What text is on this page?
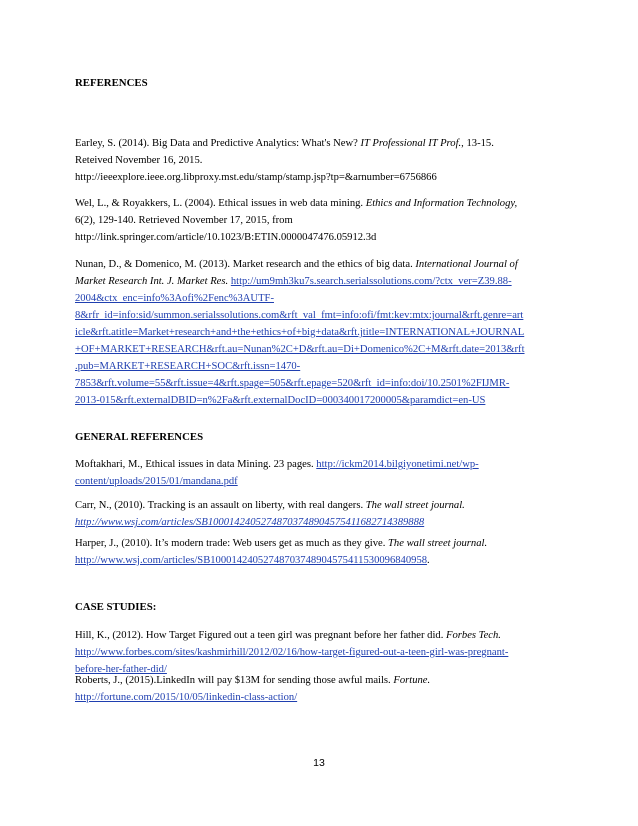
REFERENCES
Earley, S. (2014). Big Data and Predictive Analytics: What's New? IT Professional IT Prof., 13-15.
Reteived November 16, 2015.
http://ieeexplore.ieee.org.libproxy.mst.edu/stamp/stamp.jsp?tp=&arnumber=6756866
Wel, L., & Royakkers, L. (2004). Ethical issues in web data mining. Ethics and Information Technology,
6(2), 129-140. Retrieved November 17, 2015, from
http://link.springer.com/article/10.1023/B:ETIN.0000047476.05912.3d
Nunan, D., & Domenico, M. (2013). Market research and the ethics of big data. International Journal of
Market Research Int. J. Market Res. http://um9mh3ku7s.search.serialssolutions.com/?ctx_ver=Z39.88-
2004&ctx_enc=info%3Aofi%2Fenc%3AUTF-
8&rfr_id=info:sid/summon.serialssolutions.com&rft_val_fmt=info:ofi/fmt:kev:mtx:journal&rft.genre=art
icle&rft.atitle=Market+research+and+the+ethics+of+big+data&rft.jtitle=INTERNATIONAL+JOURNAL
+OF+MARKET+RESEARCH&rft.au=Nunan%2C+D&rft.au=Di+Domenico%2C+M&rft.date=2013&rft
.pub=MARKET+RESEARCH+SOC&rft.issn=1470-
7853&rft.volume=55&rft.issue=4&rft.spage=505&rft.epage=520&rft_id=info:doi/10.2501%2FIJMR-
2013-015&rft.externalDBID=n%2Fa&rft.externalDocID=000340017200005&paramdict=en-US
GENERAL REFERENCES
Moftakhari, M., Ethical issues in data Mining. 23 pages. http://ickm2014.bilgiyonetimi.net/wp-
content/uploads/2015/01/mandana.pdf
Carr, N., (2010). Tracking is an assault on liberty, with real dangers. The wall street journal.
http://www.wsj.com/articles/SB10001424052748703748904575411682714389888
Harper, J., (2010). It’s modern trade: Web users get as much as they give. The wall street journal.
http://www.wsj.com/articles/SB10001424052748703748904575411530096840958.
CASE STUDIES:
Hill, K., (2012). How Target Figured out a teen girl was pregnant before her father did. Forbes Tech.
http://www.forbes.com/sites/kashmirhill/2012/02/16/how-target-figured-out-a-teen-girl-was-pregnant-
before-her-father-did/
Roberts, J., (2015).LinkedIn will pay $13M for sending those awful mails. Fortune.
http://fortune.com/2015/10/05/linkedin-class-action/
13
